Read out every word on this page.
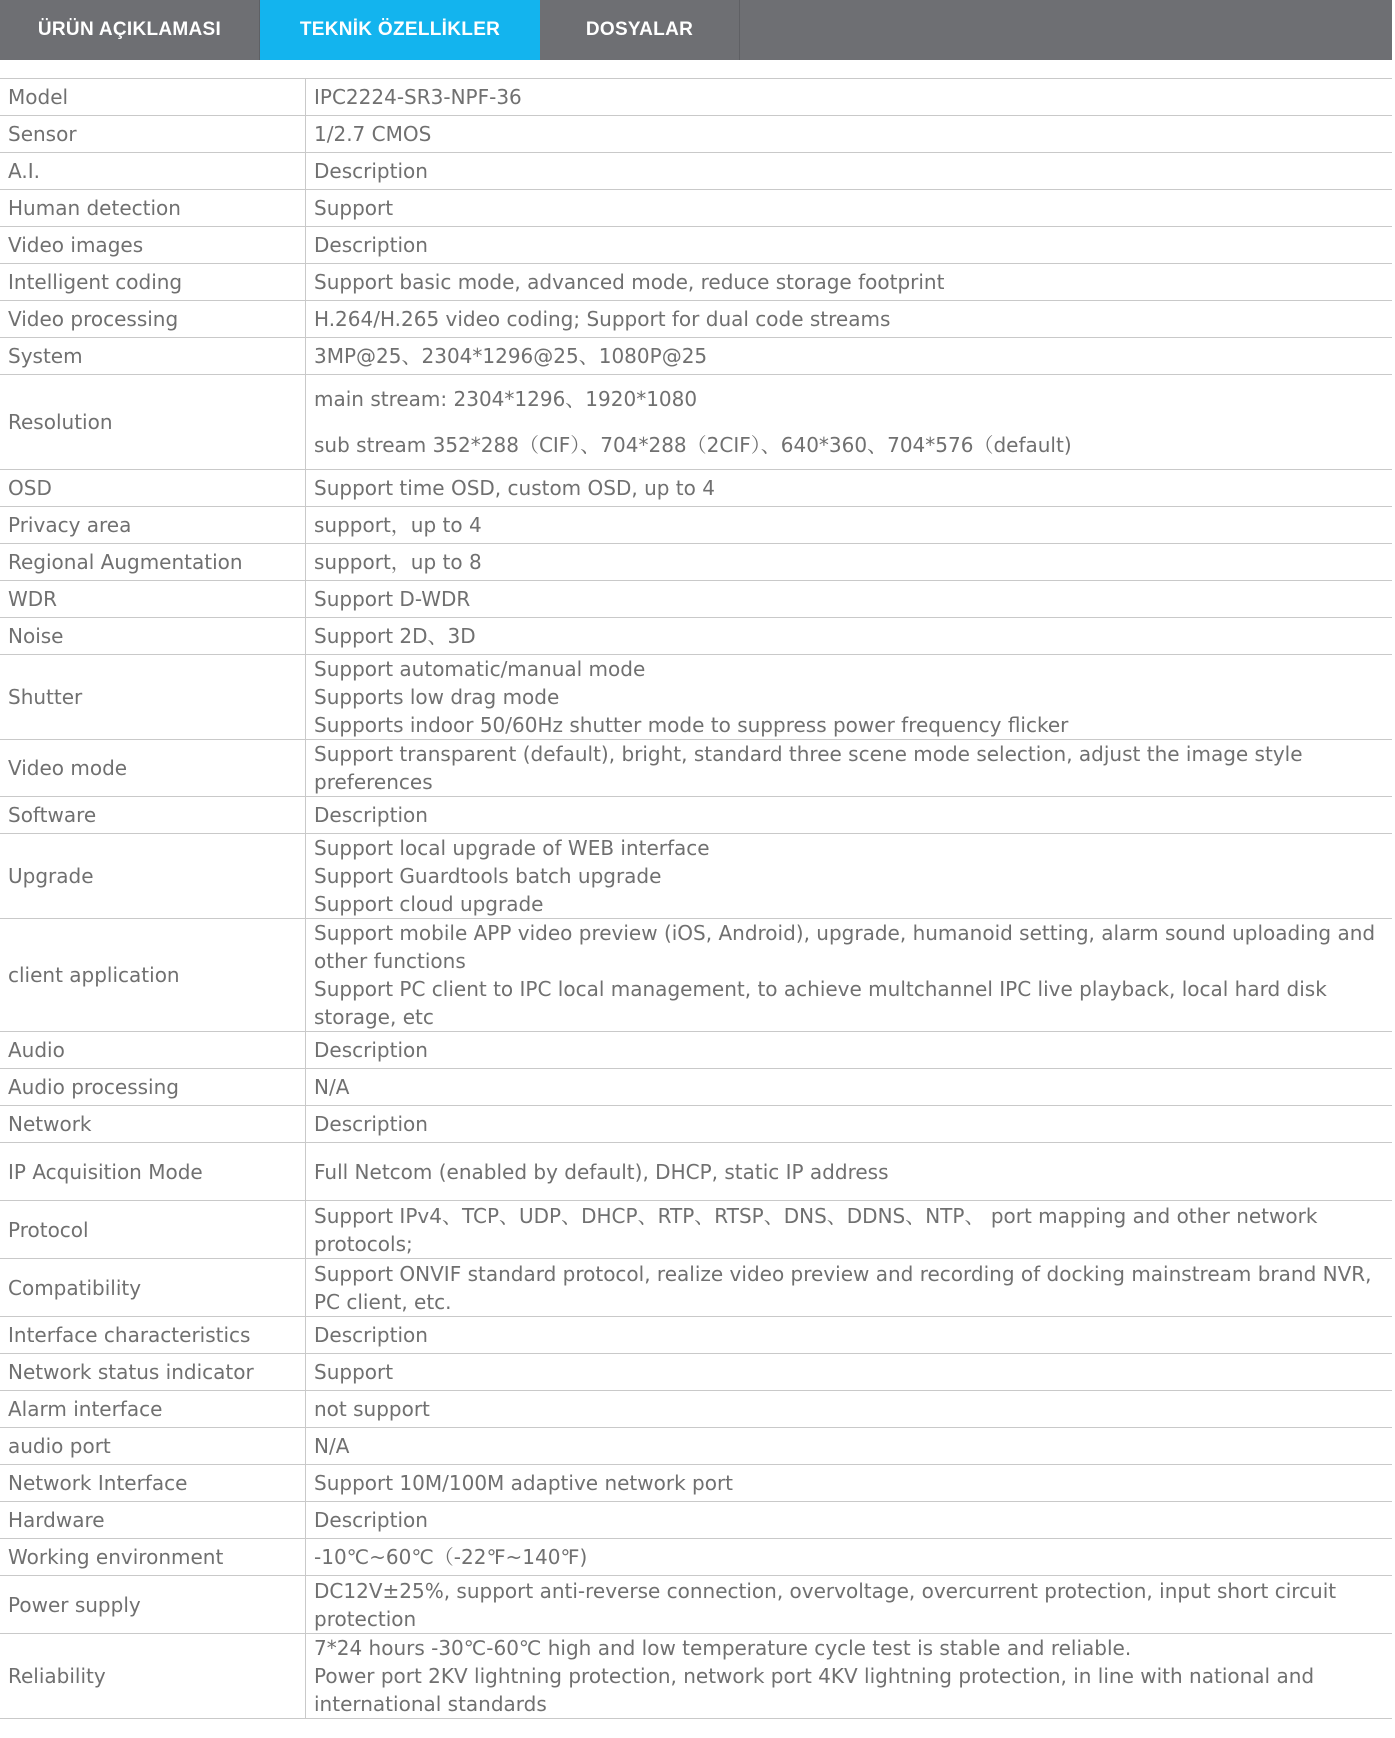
ÜRÜN AÇIKLAMASI	TEKNİK ÖZELLİKLER	DOSYALAR
Model	IPC2224-SR3-NPF-36

Sensor	1/2.7 CMOS

A.I.	Description

Human detection	Support

Video images	Description

Intelligent coding	Support basic mode, advanced mode, reduce storage footprint

Video processing	H.264/H.265 video coding; Support for dual code streams

System	3MP@25、2304*1296@25、1080P@25

Resolution	main stream: 2304*1296、1920*1080
sub stream 352*288（CIF）、704*288（2CIF）、640*360、704*576（default)

OSD	Support time OSD, custom OSD, up to 4

Privacy area	support，up to 4

Regional Augmentation	support，up to 8

WDR	Support D-WDR

Noise	Support 2D、3D

Shutter	Support automatic/manual mode
Supports low drag mode
Supports indoor 50/60Hz shutter mode to suppress power frequency flicker

Video mode	Support transparent (default), bright, standard three scene mode selection, adjust the image style preferences

Software	Description

Upgrade	Support local upgrade of WEB interface
Support Guardtools batch upgrade
Support cloud upgrade

client application	Support mobile APP video preview (iOS, Android), upgrade, humanoid setting, alarm sound uploading and other functions
Support PC client to IPC local management, to achieve multchannel IPC live playback, local hard disk storage, etc

Audio	Description

Audio processing	N/A

Network	Description

IP Acquisition Mode	Full Netcom (enabled by default), DHCP, static IP address

Protocol	Support IPv4、TCP、UDP、DHCP、RTP、RTSP、DNS、DDNS、NTP、 port mapping and other network protocols;

Compatibility	Support ONVIF standard protocol, realize video preview and recording of docking mainstream brand NVR, PC client, etc.

Interface characteristics	Description

Network status indicator	Support

Alarm interface	not support

audio port	N/A

Network Interface	Support 10M/100M adaptive network port

Hardware	Description

Working environment	-10℃~60℃（-22℉~140℉)

Power supply	DC12V±25%, support anti-reverse connection, overvoltage, overcurrent protection, input short circuit protection

Reliability	7*24 hours -30℃-60℃ high and low temperature cycle test is stable and reliable.
Power port 2KV lightning protection, network port 4KV lightning protection, in line with national and international standards
